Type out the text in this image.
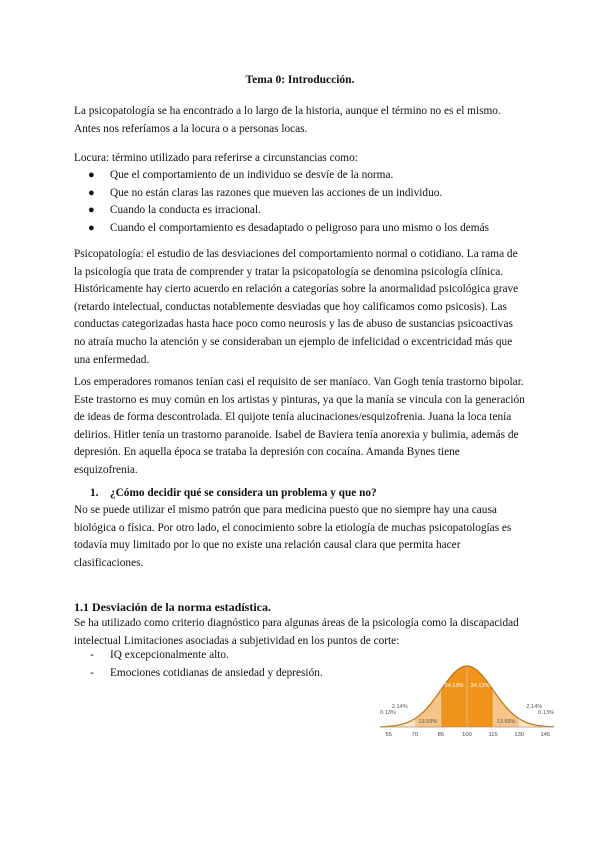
Tema 0: Introducción.

La psicopatología se ha encontrado a lo largo de la historia, aunque el término no es el mismo. Antes nos referíamos a la locura o a personas locas.

Locura: término utilizado para referirse a circunstancias como:

● Que el comportamiento de un individuo se desvíe de la norma.
● Que no están claras las razones que mueven las acciones de un individuo.
● Cuando la conducta es irracional.
● Cuando el comportamiento es desadaptado o peligroso para uno mismo o los demás

Psicopatología: el estudio de las desviaciones del comportamiento normal o cotidiano. La rama de la psicología que trata de comprender y tratar la psicopatología se denomina psicología clínica. Históricamente hay cierto acuerdo en relación a categorías sobre la anormalidad psicológica grave (retardo intelectual, conductas notablemente desviadas que hoy calificamos como psicosis). Las conductas categorizadas hasta hace poco como neurosis y las de abuso de sustancias psicoactivas no atraía mucho la atención y se consideraban un ejemplo de infelicidad o excentricidad más que una enfermedad.

Los emperadores romanos tenían casi el requisito de ser maníaco. Van Gogh tenía trastorno bipolar. Este trastorno es muy común en los artistas y pinturas, ya que la manía se vincula con la generación de ideas de forma descontrolada. El quijote tenía alucinaciones/esquizofrenia. Juana la loca tenía delirios. Hitler tenía un trastorno paranoide. Isabel de Baviera tenía anorexia y bulimia, además de depresión. En aquella época se trataba la depresión con cocaína. Amanda Bynes tiene esquizofrenia.

1. ¿Cómo decidir qué se considera un problema y que no?

No se puede utilizar el mismo patrón que para medicina puesto que no siempre hay una causa biológica o física. Por otro lado, el conocimiento sobre la etiología de muchas psicopatologías es todavía muy limitado por lo que no existe una relación causal clara que permita hacer clasificaciones.

1.1 Desviación de la norma estadística.

Se ha utilizado como criterio diagnóstico para algunas áreas de la psicología como la discapacidad intelectual Limitaciones asociadas a subjetividad en los puntos de corte:

- IQ excepcionalmente alto.
- Emociones cotidianas de ansiedad y depresión.
2.14%
13.59%
34.13% 34.13%
13.59%
2.14%
0.13%	0.13%
55	70	85	100	115	130	145
